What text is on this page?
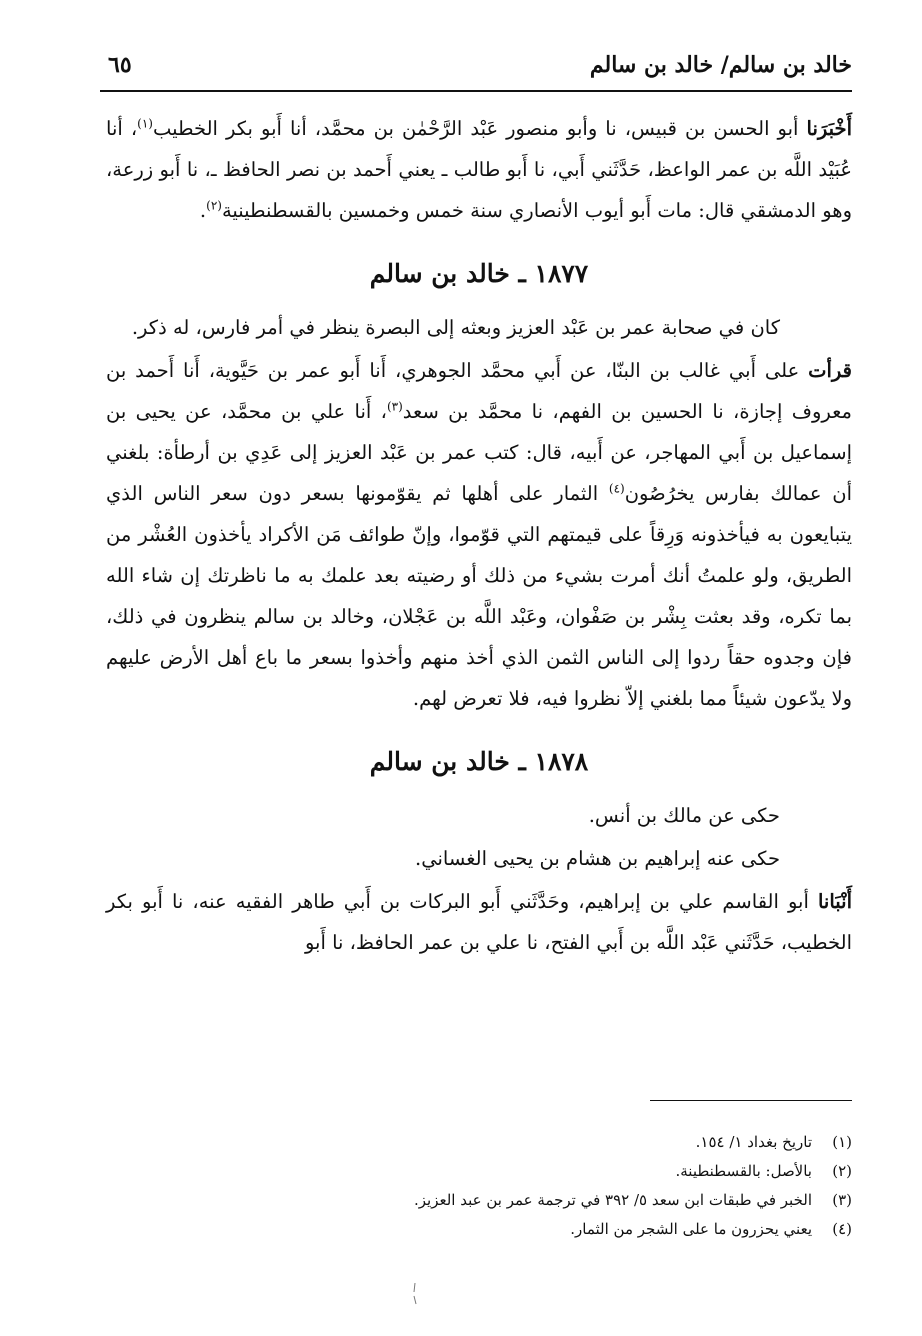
خالد بن سالم/ خالد بن سالم
٦٥

أَخْبَرَنا أبو الحسن بن قبيس، نا وأبو منصور عَبْد الرَّحْمٰن بن محمَّد، أنا أَبو بكر الخطيب$^{(١)}$، أنا عُبَيْد اللَّه بن عمر الواعظ، حَدَّثَني أَبي، نا أَبو طالب ـ يعني أَحمد بن نصر الحافظ ـ، نا أَبو زرعة، وهو الدمشقي قال: مات أَبو أيوب الأنصاري سنة خمس وخمسين بالقسطنطينية$^{(٢)}$.

١٨٧٧ ـ خالد بن سالم

كان في صحابة عمر بن عَبْد العزيز وبعثه إلى البصرة ينظر في أمر فارس، له ذكر.

قرأت على أَبي غالب بن البنّا، عن أَبي محمَّد الجوهري، أَنا أَبو عمر بن حَيَّوية، أَنا أَحمد بن معروف إجازة، نا الحسين بن الفهم، نا محمَّد بن سعد$^{(٣)}$، أَنا علي بن محمَّد، عن يحيى بن إسماعيل بن أَبي المهاجر، عن أَبيه، قال: كتب عمر بن عَبْد العزيز إلى عَدِي بن أرطأة: بلغني أن عمالك بفارس يخرُصُون$^{(٤)}$ الثمار على أهلها ثم يقوّمونها بسعر دون سعر الناس الذي يتبايعون به فيأخذونه وَرِقاً على قيمتهم التي قوّموا، وإنّ طوائف مَن الأكراد يأخذون العُشْر من الطريق، ولو علمتُ أنك أمرت بشيء من ذلك أو رضيته بعد علمك به ما ناظرتك إن شاء الله بما تكره، وقد بعثت بِشْر بن صَفْوان، وعَبْد اللَّه بن عَجْلان، وخالد بن سالم ينظرون في ذلك، فإن وجدوه حقاً ردوا إلى الناس الثمن الذي أخذ منهم وأخذوا بسعر ما باع أهل الأرض عليهم ولا يدّعون شيئاً مما بلغني إلاّ نظروا فيه، فلا تعرض لهم.

١٨٧٨ ـ خالد بن سالم

حكى عن مالك بن أنس.

حكى عنه إبراهيم بن هشام بن يحيى الغساني.

أَنْبَانا أبو القاسم علي بن إبراهيم، وحَدَّثَني أَبو البركات بن أَبي طاهر الفقيه عنه، نا أَبو بكر الخطيب، حَدَّثَني عَبْد اللَّه بن أَبي الفتح، نا علي بن عمر الحافظ، نا أَبو

(١)تاريخ بغداد ١/ ١٥٤.
(٢)بالأصل: بالقسطنطينة.
(٣)الخبر في طبقات ابن سعد ٥/ ٣٩٢ في ترجمة عمر بن عبد العزيز.
(٤)يعني يحزرون ما على الشجر من الثمار.
